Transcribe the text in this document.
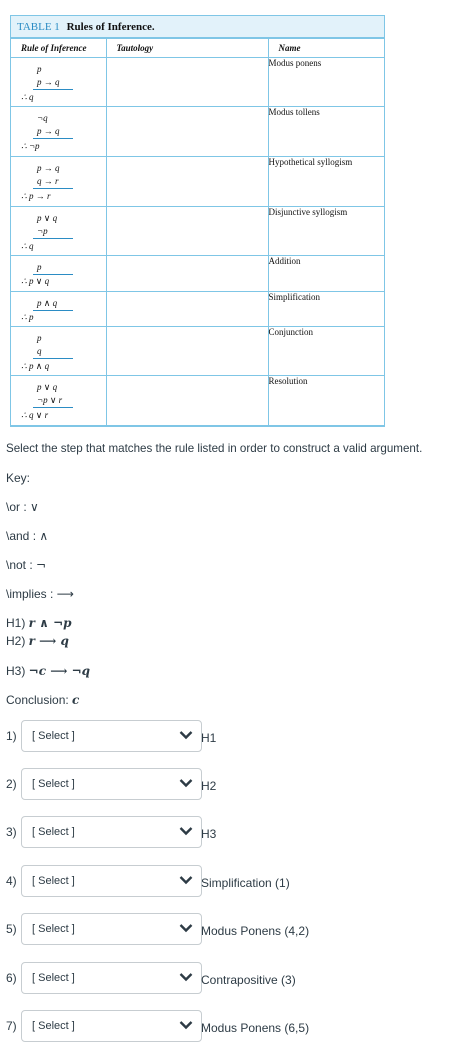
TABLE 1 Rules of Inference.
Rule of Inference	Tautology	Name

p
p → q
∴ q		Modus ponens

¬q
p → q
∴ ¬p		Modus tollens

p → q
q → r
∴ p → r		Hypothetical syllogism

p ∨ q
¬p
∴ q		Disjunctive syllogism

p
∴ p ∨ q		Addition

p ∧ q
∴ p		Simplification

p
q
∴ p ∧ q		Conjunction

p ∨ q
¬p ∨ r
∴ q ∨ r		Resolution
Select the step that matches the rule listed in order to construct a valid argument.
Key:
\or : ∨
\and : ∧
\not : ¬
\implies : ⟶
H1) r ∧ ¬p
H2) r ⟶ q
H3) ¬c ⟶ ¬q
Conclusion: c
1) [ Select ]	H1
2) [ Select ]	H2
3) [ Select ]	H3
4) [ Select ]	Simplification (1)
5) [ Select ]	Modus Ponens (4,2)
6) [ Select ]	Contrapositive (3)
7) [ Select ]	Modus Ponens (6,5)
